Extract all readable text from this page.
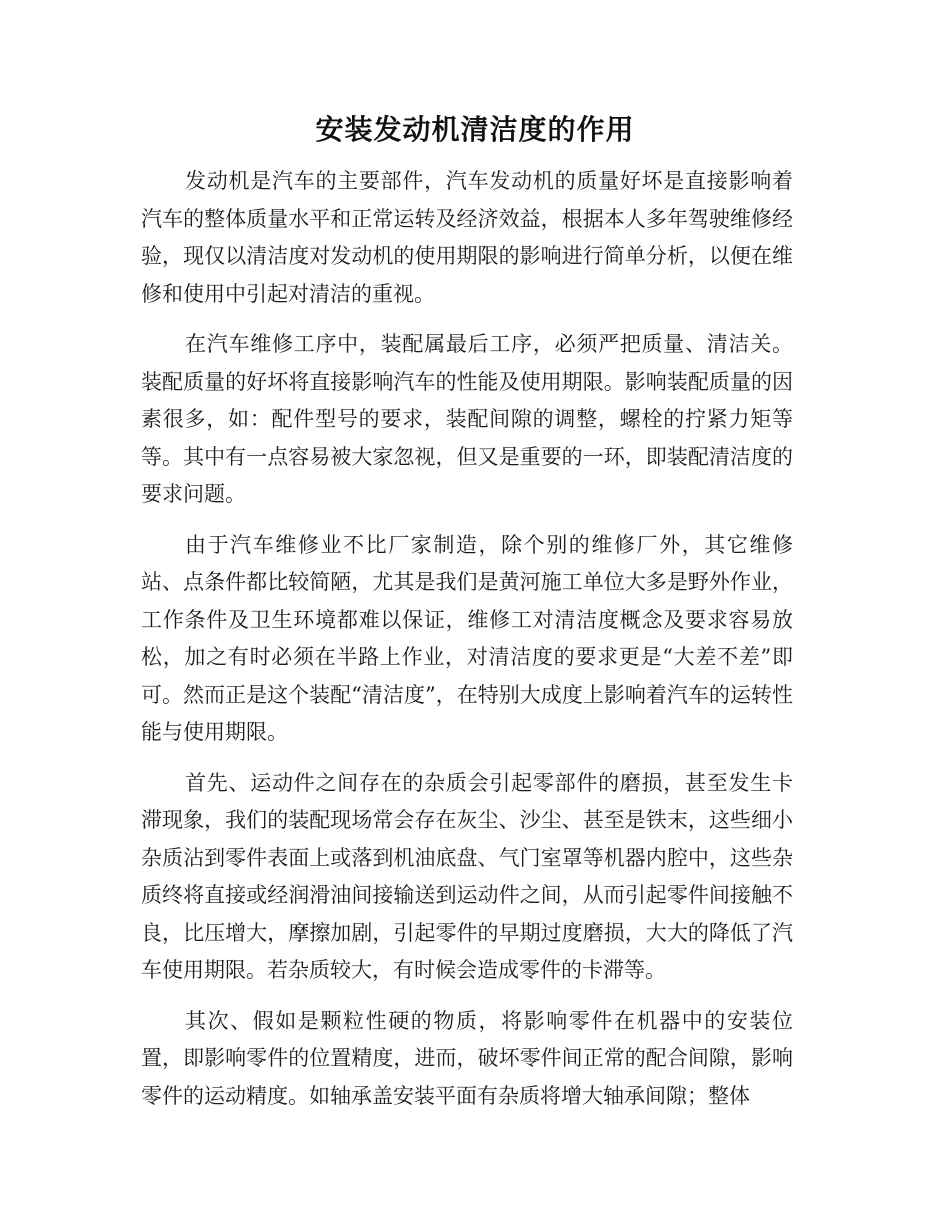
安装发动机清洁度的作用

发动机是汽车的主要部件，汽车发动机的质量好坏是直接影响着汽车的整体质量水平和正常运转及经济效益，根据本人多年驾驶维修经验，现仅以清洁度对发动机的使用期限的影响进行简单分析，以便在维修和使用中引起对清洁的重视。

在汽车维修工序中，装配属最后工序，必须严把质量、清洁关。装配质量的好坏将直接影响汽车的性能及使用期限。影响装配质量的因素很多，如：配件型号的要求，装配间隙的调整，螺栓的拧紧力矩等等。其中有一点容易被大家忽视，但又是重要的一环，即装配清洁度的要求问题。

由于汽车维修业不比厂家制造，除个别的维修厂外，其它维修站、点条件都比较简陋，尤其是我们是黄河施工单位大多是野外作业，工作条件及卫生环境都难以保证，维修工对清洁度概念及要求容易放松，加之有时必须在半路上作业，对清洁度的要求更是“大差不差”即可。然而正是这个装配“清洁度”，在特别大成度上影响着汽车的运转性能与使用期限。

首先、运动件之间存在的杂质会引起零部件的磨损，甚至发生卡滞现象，我们的装配现场常会存在灰尘、沙尘、甚至是铁末，这些细小杂质沾到零件表面上或落到机油底盘、气门室罩等机器内腔中，这些杂质终将直接或经润滑油间接输送到运动件之间，从而引起零件间接触不良，比压增大，摩擦加剧，引起零件的早期过度磨损，大大的降低了汽车使用期限。若杂质较大，有时候会造成零件的卡滞等。

其次、假如是颗粒性硬的物质，将影响零件在机器中的安装位置，即影响零件的位置精度，进而，破坏零件间正常的配合间隙，影响零件的运动精度。如轴承盖安装平面有杂质将增大轴承间隙；整体
